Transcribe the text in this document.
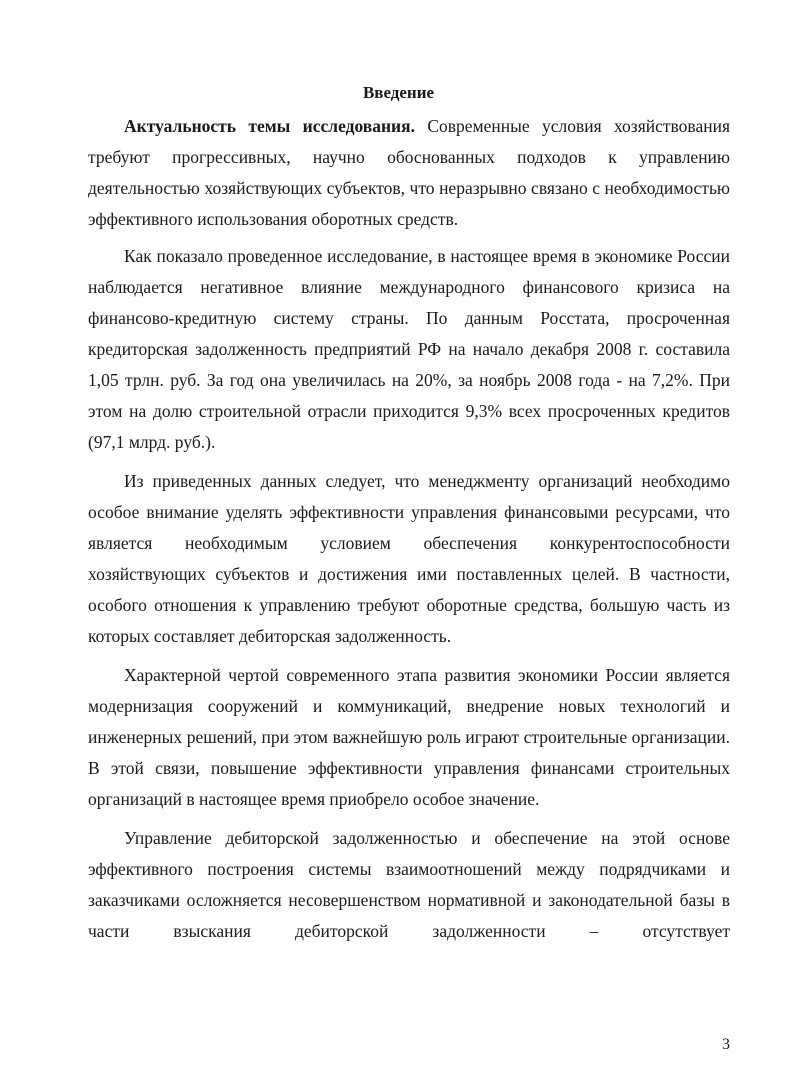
Введение

Актуальность темы исследования. Современные условия хозяйствования требуют прогрессивных, научно обоснованных подходов к управлению деятельностью хозяйствующих субъектов, что неразрывно связано с необходимостью эффективного использования оборотных средств.

Как показало проведенное исследование, в настоящее время в экономике России наблюдается негативное влияние международного финансового кризиса на финансово-кредитную систему страны. По данным Росстата, просроченная кредиторская задолженность предприятий РФ на начало декабря 2008 г. составила 1,05 трлн. руб. За год она увеличилась на 20%, за ноябрь 2008 года - на 7,2%. При этом на долю строительной отрасли приходится 9,3% всех просроченных кредитов (97,1 млрд. руб.).

Из приведенных данных следует, что менеджменту организаций необходимо особое внимание уделять эффективности управления финансовыми ресурсами, что является необходимым условием обеспечения конкурентоспособности хозяйствующих субъектов и достижения ими поставленных целей. В частности, особого отношения к управлению требуют оборотные средства, большую часть из которых составляет дебиторская задолженность.

Характерной чертой современного этапа развития экономики России является модернизация сооружений и коммуникаций, внедрение новых технологий и инженерных решений, при этом важнейшую роль играют строительные организации. В этой связи, повышение эффективности управления финансами строительных организаций в настоящее время приобрело особое значение.

Управление дебиторской задолженностью и обеспечение на этой основе эффективного построения системы взаимоотношений между подрядчиками и заказчиками осложняется несовершенством нормативной и законодательной базы в части взыскания дебиторской задолженности – отсутствует

3
